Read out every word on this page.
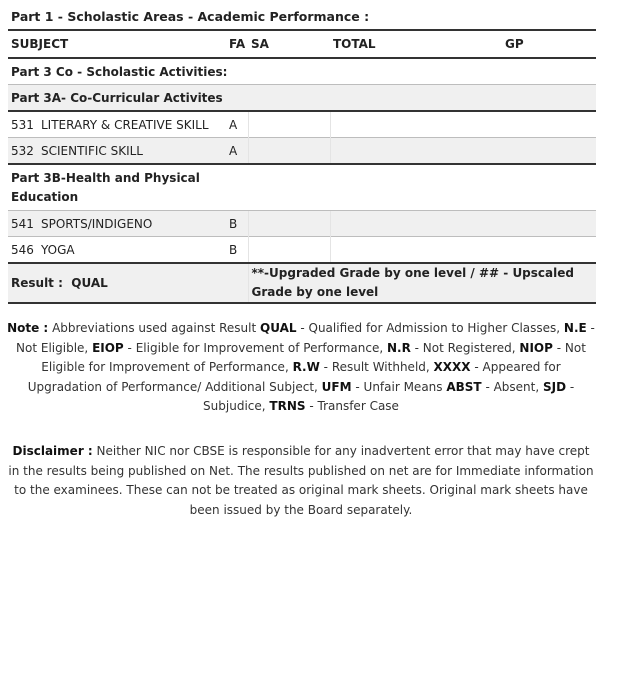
Part 1 - Scholastic Areas - Academic Performance :
SUBJECT		FA	SA	TOTAL	GP
Part 3 Co - Scholastic Activities:					
Part 3A- Co-Curricular Activites					
531	LITERARY & CREATIVE SKILL	A			
532	SCIENTIFIC SKILL	A			
Part 3B-Health and Physical Education					
541	SPORTS/INDIGENO	B			
546	YOGA	B			
Result : QUAL			**-Upgraded Grade by one level / ## - Upscaled Grade by one level		
Note : Abbreviations used against Result QUAL - Qualified for Admission to Higher Classes, N.E - Not Eligible, EIOP - Eligible for Improvement of Performance, N.R - Not Registered, NIOP - Not Eligible for Improvement of Performance, R.W - Result Withheld, XXXX - Appeared for Upgradation of Performance/ Additional Subject, UFM - Unfair Means ABST - Absent, SJD - Subjudice, TRNS - Transfer Case
Disclaimer : Neither NIC nor CBSE is responsible for any inadvertent error that may have crept in the results being published on Net. The results published on net are for Immediate information to the examinees. These can not be treated as original mark sheets. Original mark sheets have been issued by the Board separately.
